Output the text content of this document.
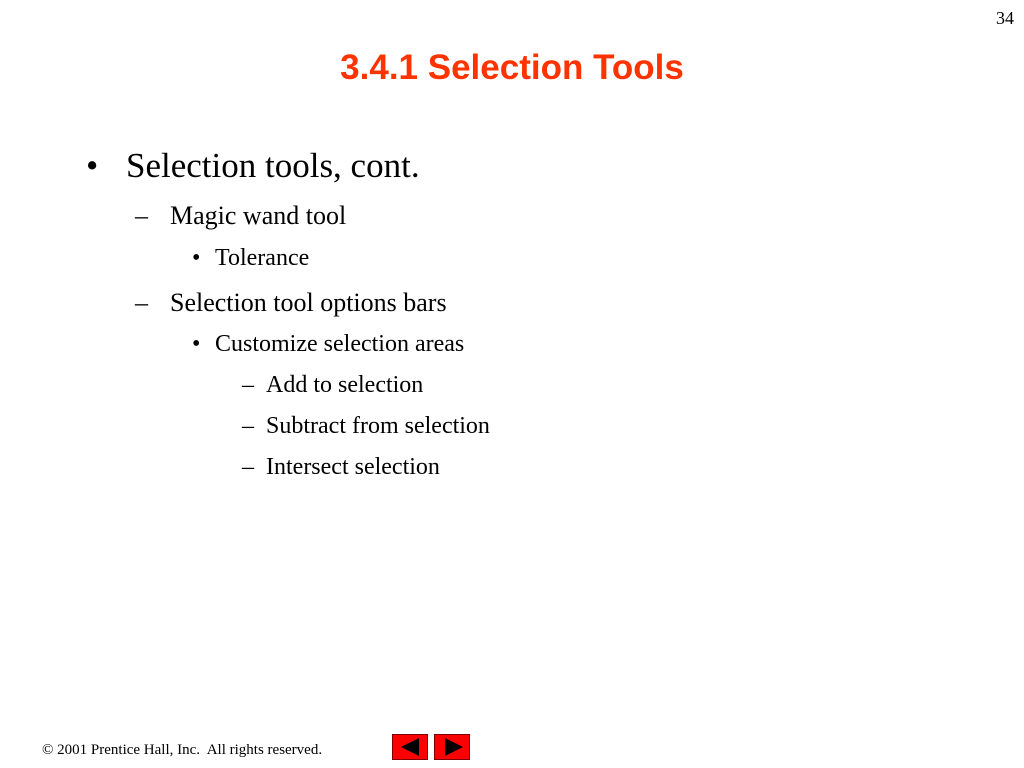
34
3.4.1 Selection Tools
• Selection tools, cont.
– Magic wand tool
• Tolerance
– Selection tool options bars
• Customize selection areas
– Add to selection
– Subtract from selection
– Intersect selection
© 2001 Prentice Hall, Inc.  All rights reserved.
